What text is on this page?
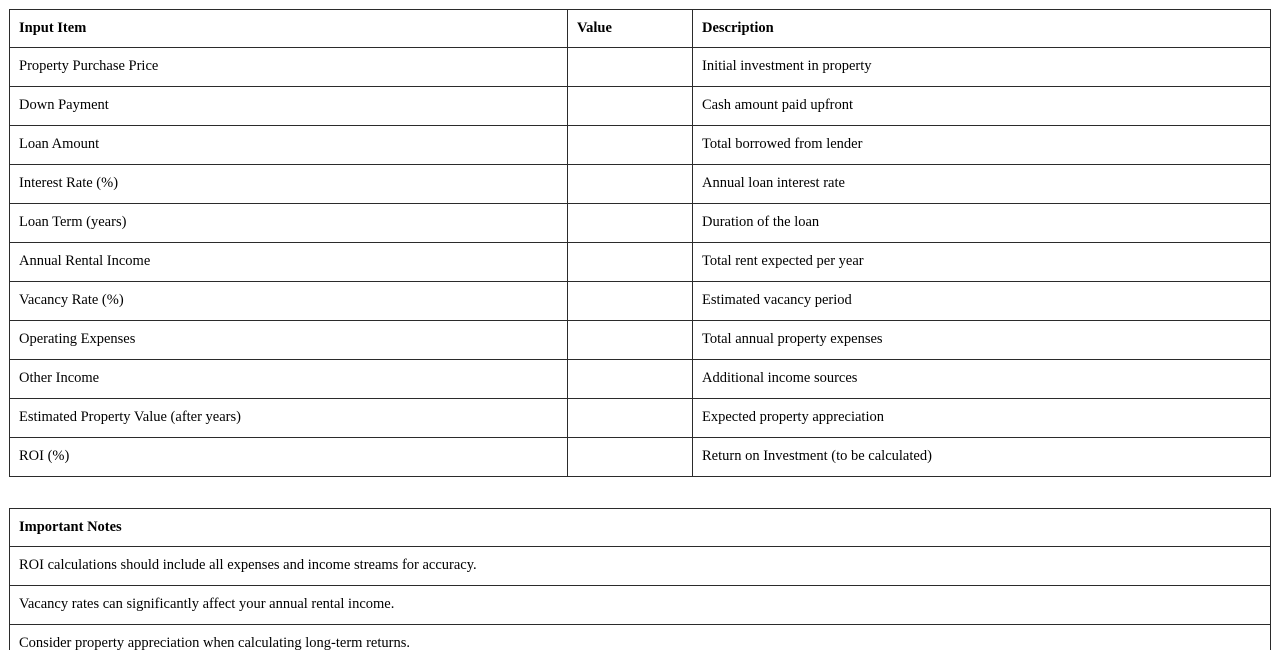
Input Item	Value	Description
Property Purchase Price		Initial investment in property
Down Payment		Cash amount paid upfront
Loan Amount		Total borrowed from lender
Interest Rate (%)		Annual loan interest rate
Loan Term (years)		Duration of the loan
Annual Rental Income		Total rent expected per year
Vacancy Rate (%)		Estimated vacancy period
Operating Expenses		Total annual property expenses
Other Income		Additional income sources
Estimated Property Value (after years)		Expected property appreciation
ROI (%)		Return on Investment (to be calculated)
Important Notes
ROI calculations should include all expenses and income streams for accuracy.
Vacancy rates can significantly affect your annual rental income.
Consider property appreciation when calculating long-term returns.
